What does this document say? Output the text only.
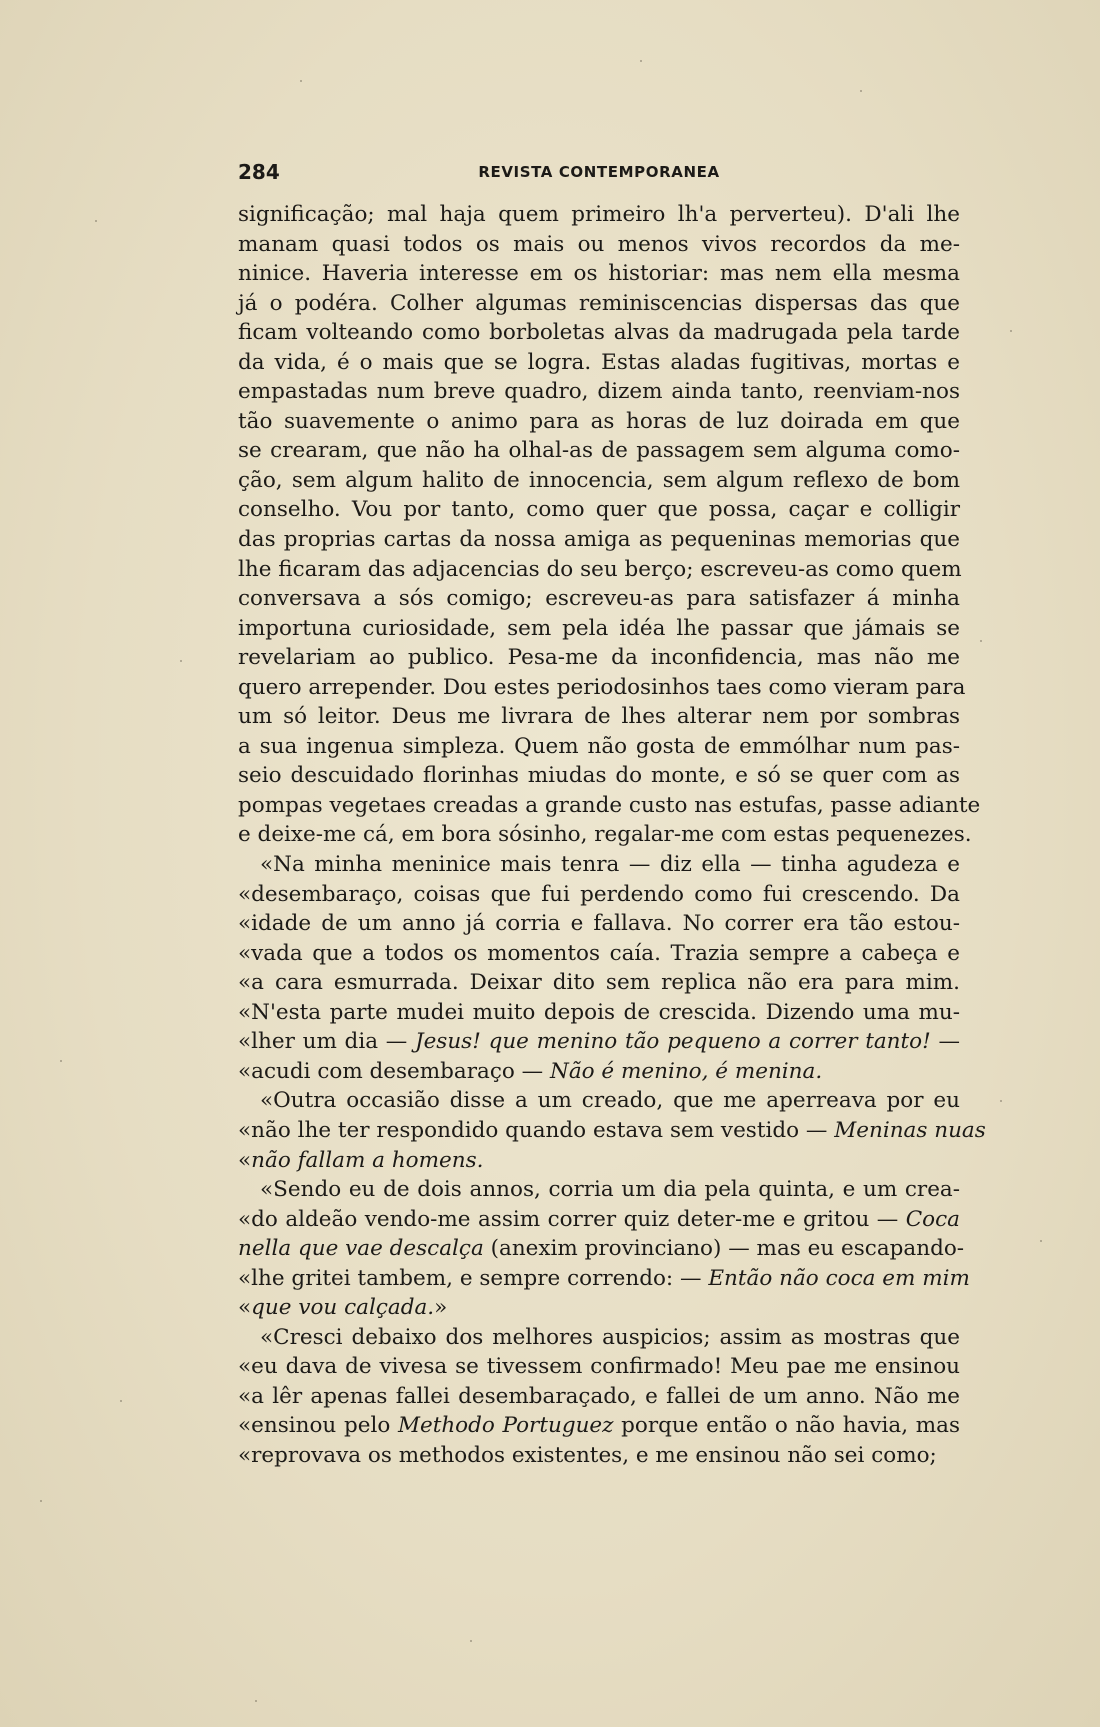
284	REVISTA CONTEMPORANEA
significação; mal haja quem primeiro lh'a perverteu). D'ali lhe
manam quasi todos os mais ou menos vivos recordos da me-
ninice. Haveria interesse em os historiar: mas nem ella mesma
já o podéra. Colher algumas reminiscencias dispersas das que
ficam volteando como borboletas alvas da madrugada pela tarde
da vida, é o mais que se logra. Estas aladas fugitivas, mortas e
empastadas num breve quadro, dizem ainda tanto, reenviam-nos
tão suavemente o animo para as horas de luz doirada em que
se crearam, que não ha olhal-as de passagem sem alguma como-
ção, sem algum halito de innocencia, sem algum reflexo de bom
conselho. Vou por tanto, como quer que possa, caçar e colligir
das proprias cartas da nossa amiga as pequeninas memorias que
lhe ficaram das adjacencias do seu berço; escreveu-as como quem
conversava a sós comigo; escreveu-as para satisfazer á minha
importuna curiosidade, sem pela idéa lhe passar que jámais se
revelariam ao publico. Pesa-me da inconfidencia, mas não me
quero arrepender. Dou estes periodosinhos taes como vieram para
um só leitor. Deus me livrara de lhes alterar nem por sombras
a sua ingenua simpleza. Quem não gosta de emmólhar num pas-
seio descuidado florinhas miudas do monte, e só se quer com as
pompas vegetaes creadas a grande custo nas estufas, passe adiante
e deixe-me cá, em bora sósinho, regalar-me com estas pequenezes.
«Na minha meninice mais tenra — diz ella — tinha agudeza e
«desembaraço, coisas que fui perdendo como fui crescendo. Da
«idade de um anno já corria e fallava. No correr era tão estou-
«vada que a todos os momentos caía. Trazia sempre a cabeça e
«a cara esmurrada. Deixar dito sem replica não era para mim.
«N'esta parte mudei muito depois de crescida. Dizendo uma mu-
«lher um dia — Jesus! que menino tão pequeno a correr tanto! —
«acudi com desembaraço — Não é menino, é menina.
«Outra occasião disse a um creado, que me aperreava por eu
«não lhe ter respondido quando estava sem vestido — Meninas nuas
«não fallam a homens.
«Sendo eu de dois annos, corria um dia pela quinta, e um crea-
«do aldeão vendo-me assim correr quiz deter-me e gritou — Coca
nella que vae descalça (anexim provinciano) — mas eu escapando-
«lhe gritei tambem, e sempre correndo: — Então não coca em mim
«que vou calçada.»
«Cresci debaixo dos melhores auspicios; assim as mostras que
«eu dava de vivesa se tivessem confirmado! Meu pae me ensinou
«a lêr apenas fallei desembaraçado, e fallei de um anno. Não me
«ensinou pelo Methodo Portuguez porque então o não havia, mas
«reprovava os methodos existentes, e me ensinou não sei como;
